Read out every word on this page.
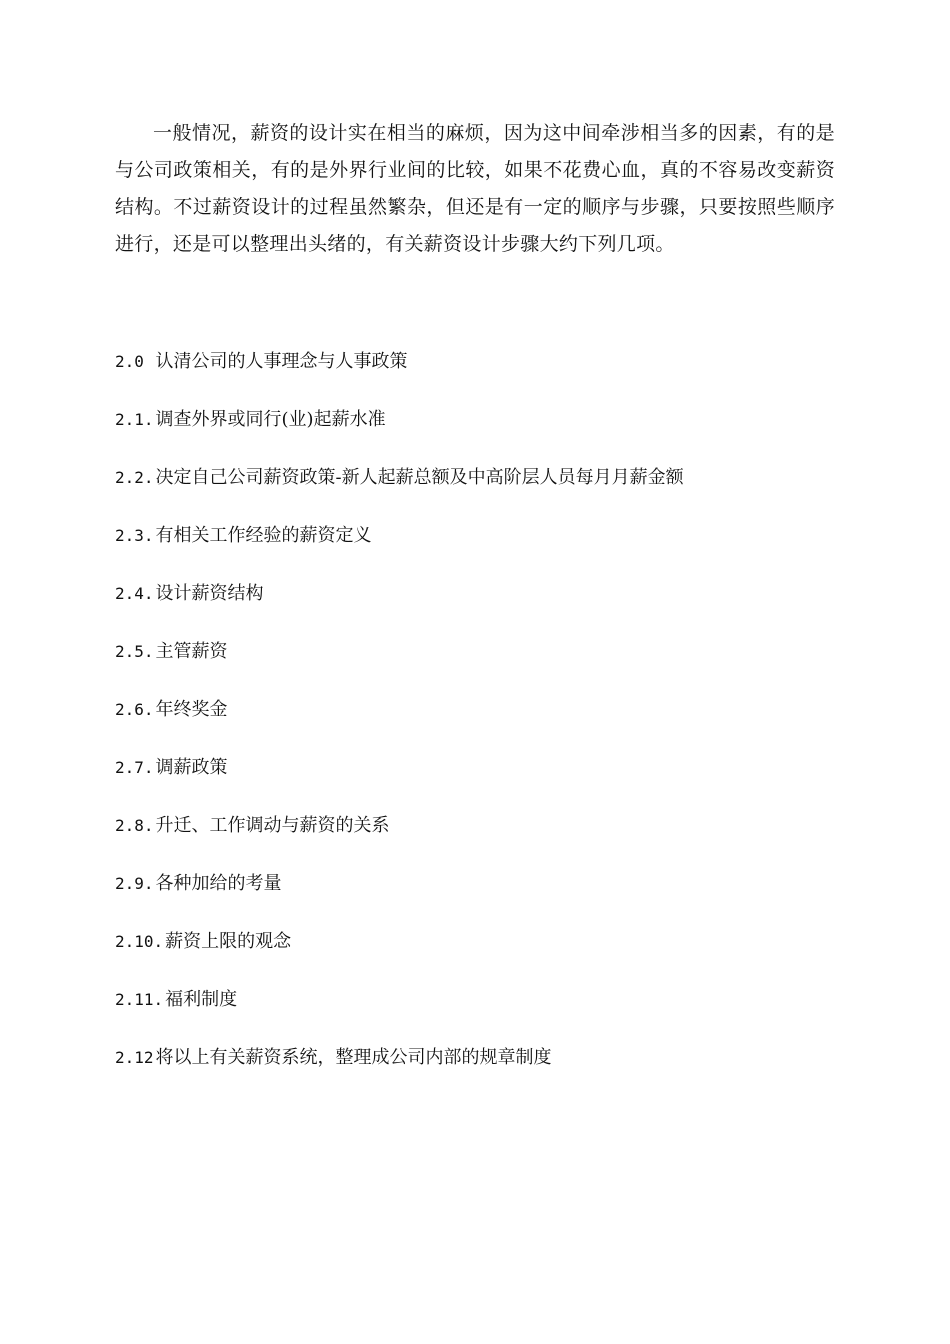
一般情况，薪资的设计实在相当的麻烦，因为这中间牵涉相当多的因素，有的是与公司政策相关，有的是外界行业间的比较，如果不花费心血，真的不容易改变薪资结构。不过薪资设计的过程虽然繁杂，但还是有一定的顺序与步骤，只要按照些顺序进行，还是可以整理出头绪的，有关薪资设计步骤大约下列几项。

2.0 认清公司的人事理念与人事政策
2.1. 调查外界或同行(业)起薪水准
2.2. 决定自己公司薪资政策-新人起薪总额及中高阶层人员每月月薪金额
2.3. 有相关工作经验的薪资定义
2.4. 设计薪资结构
2.5. 主管薪资
2.6. 年终奖金
2.7. 调薪政策
2.8. 升迁、工作调动与薪资的关系
2.9. 各种加给的考量
2.10. 薪资上限的观念
2.11. 福利制度
2.12 将以上有关薪资系统，整理成公司内部的规章制度
